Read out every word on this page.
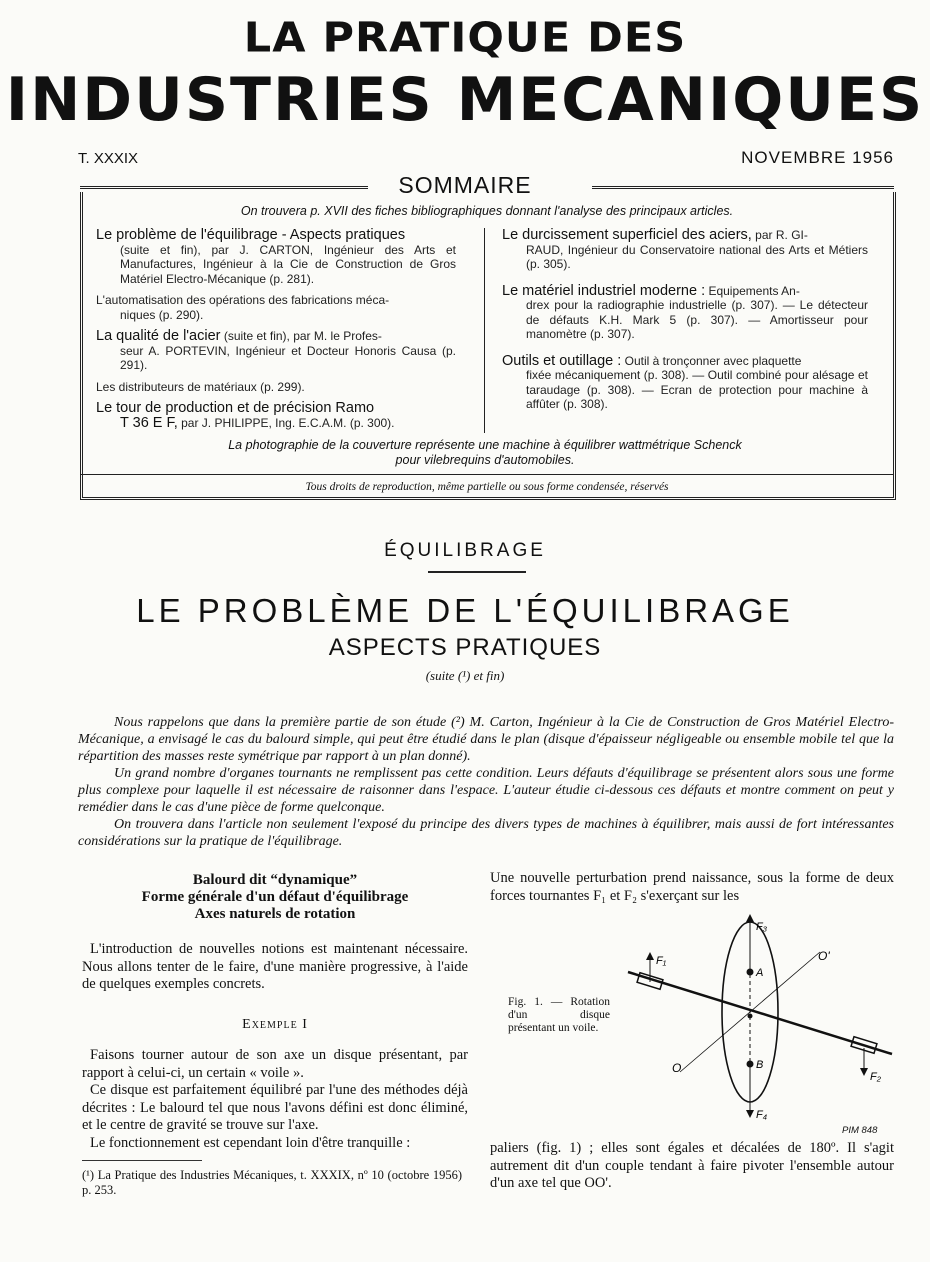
LA PRATIQUE DES
INDUSTRIES MECANIQUES
T. XXXIX	NOVEMBRE 1956
SOMMAIRE
On trouvera p. XVII des fiches bibliographiques donnant l'analyse des principaux articles.
Le problème de l'équilibrage - Aspects pratiques
(suite et fin), par J. CARTON, Ingénieur des Arts et Manufactures, Ingénieur à la Cie de Construction de Gros Matériel Electro-Mécanique (p. 281).
L'automatisation des opérations des fabrications méca-
niques (p. 290).
La qualité de l'acier (suite et fin), par M. le Profes-
seur A. PORTEVIN, Ingénieur et Docteur Honoris Causa (p. 291).
Les distributeurs de matériaux (p. 299).
Le tour de production et de précision Ramo
T 36 E F, par J. PHILIPPE, Ing. E.C.A.M. (p. 300).
Le durcissement superficiel des aciers, par R. GI-
RAUD, Ingénieur du Conservatoire national des Arts et Métiers (p. 305).
Le matériel industriel moderne : Equipements An-
drex pour la radiographie industrielle (p. 307). — Le détecteur de défauts K.H. Mark 5 (p. 307). — Amortisseur pour manomètre (p. 307).
Outils et outillage : Outil à tronçonner avec plaquette
fixée mécaniquement (p. 308). — Outil combiné pour alésage et taraudage (p. 308). — Ecran de protection pour machine à affûter (p. 308).
La photographie de la couverture représente une machine à équilibrer wattmétrique Schenck
pour vilebrequins d'automobiles.
Tous droits de reproduction, même partielle ou sous forme condensée, réservés
ÉQUILIBRAGE
LE PROBLÈME DE L'ÉQUILIBRAGE
ASPECTS PRATIQUES
(suite (¹) et fin)

Nous rappelons que dans la première partie de son étude (²) M. Carton, Ingénieur à la Cie de Construction de Gros Matériel Electro-Mécanique, a envisagé le cas du balourd simple, qui peut être étudié dans le plan (disque d'épaisseur négligeable ou ensemble mobile tel que la répartition des masses reste symétrique par rapport à un plan donné).

Un grand nombre d'organes tournants ne remplissent pas cette condition. Leurs défauts d'équilibrage se présentent alors sous une forme plus complexe pour laquelle il est nécessaire de raisonner dans l'espace. L'auteur étudie ci-dessous ces défauts et montre comment on peut y remédier dans le cas d'une pièce de forme quelconque.

On trouvera dans l'article non seulement l'exposé du principe des divers types de machines à équilibrer, mais aussi de fort intéressantes considérations sur la pratique de l'équilibrage.

Balourd dit “dynamique”
Forme générale d'un défaut d'équilibrage
Axes naturels de rotation

L'introduction de nouvelles notions est maintenant nécessaire. Nous allons tenter de le faire, d'une manière progressive, à l'aide de quelques exemples concrets.

Exemple I

Faisons tourner autour de son axe un disque présentant, par rapport à celui-ci, un certain « voile ».

Ce disque est parfaitement équilibré par l'une des méthodes déjà décrites : Le balourd tel que nous l'avons défini est donc éliminé, et le centre de gravité se trouve sur l'axe.

Le fonctionnement est cependant loin d'être tranquille :

(¹) La Pratique des Industries Mécaniques, t. XXXIX, nº 10 (octobre 1956) p. 253.

Une nouvelle perturbation prend naissance, sous la forme de deux forces tournantes F₁ et F₂ s'exerçant sur les

Fig. 1. — Rotation d'un disque présentant un voile.
F₃
A
B
F₄
F₁
F₂
O'
O
PIM 848

paliers (fig. 1) ; elles sont égales et décalées de 180º. Il s'agit autrement dit d'un couple tendant à faire pivoter l'ensemble autour d'un axe tel que OO'.
